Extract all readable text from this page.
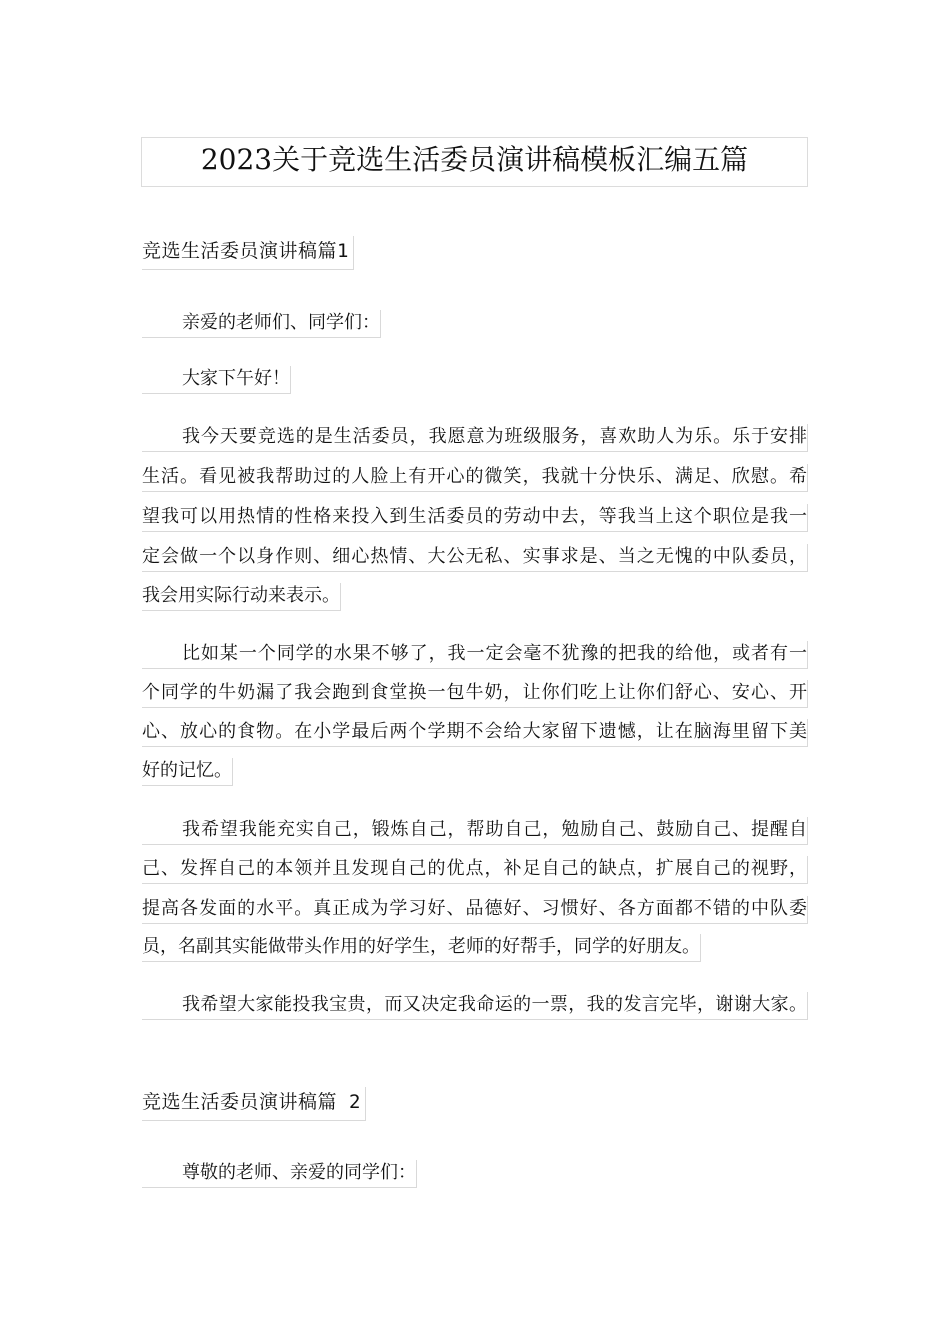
2023关于竞选生活委员演讲稿模板汇编五篇
竞选生活委员演讲稿篇1
亲爱的老师们、同学们：
大家下午好！
我今天要竞选的是生活委员，我愿意为班级服务，喜欢助人为乐。乐于安排
生活。看见被我帮助过的人脸上有开心的微笑，我就十分快乐、满足、欣慰。希
望我可以用热情的性格来投入到生活委员的劳动中去，等我当上这个职位是我一
定会做一个以身作则、细心热情、大公无私、实事求是、当之无愧的中队委员，
我会用实际行动来表示。
比如某一个同学的水果不够了，我一定会毫不犹豫的把我的给他，或者有一
个同学的牛奶漏了我会跑到食堂换一包牛奶，让你们吃上让你们舒心、安心、开
心、放心的食物。在小学最后两个学期不会给大家留下遗憾，让在脑海里留下美
好的记忆。
我希望我能充实自己，锻炼自己，帮助自己，勉励自己、鼓励自己、提醒自
己、发挥自己的本领并且发现自己的优点，补足自己的缺点，扩展自己的视野，
提高各发面的水平。真正成为学习好、品德好、习惯好、各方面都不错的中队委
员，名副其实能做带头作用的好学生，老师的好帮手，同学的好朋友。
我希望大家能投我宝贵，而又决定我命运的一票，我的发言完毕，谢谢大家。
竞选生活委员演讲稿篇 2
尊敬的老师、亲爱的同学们：
